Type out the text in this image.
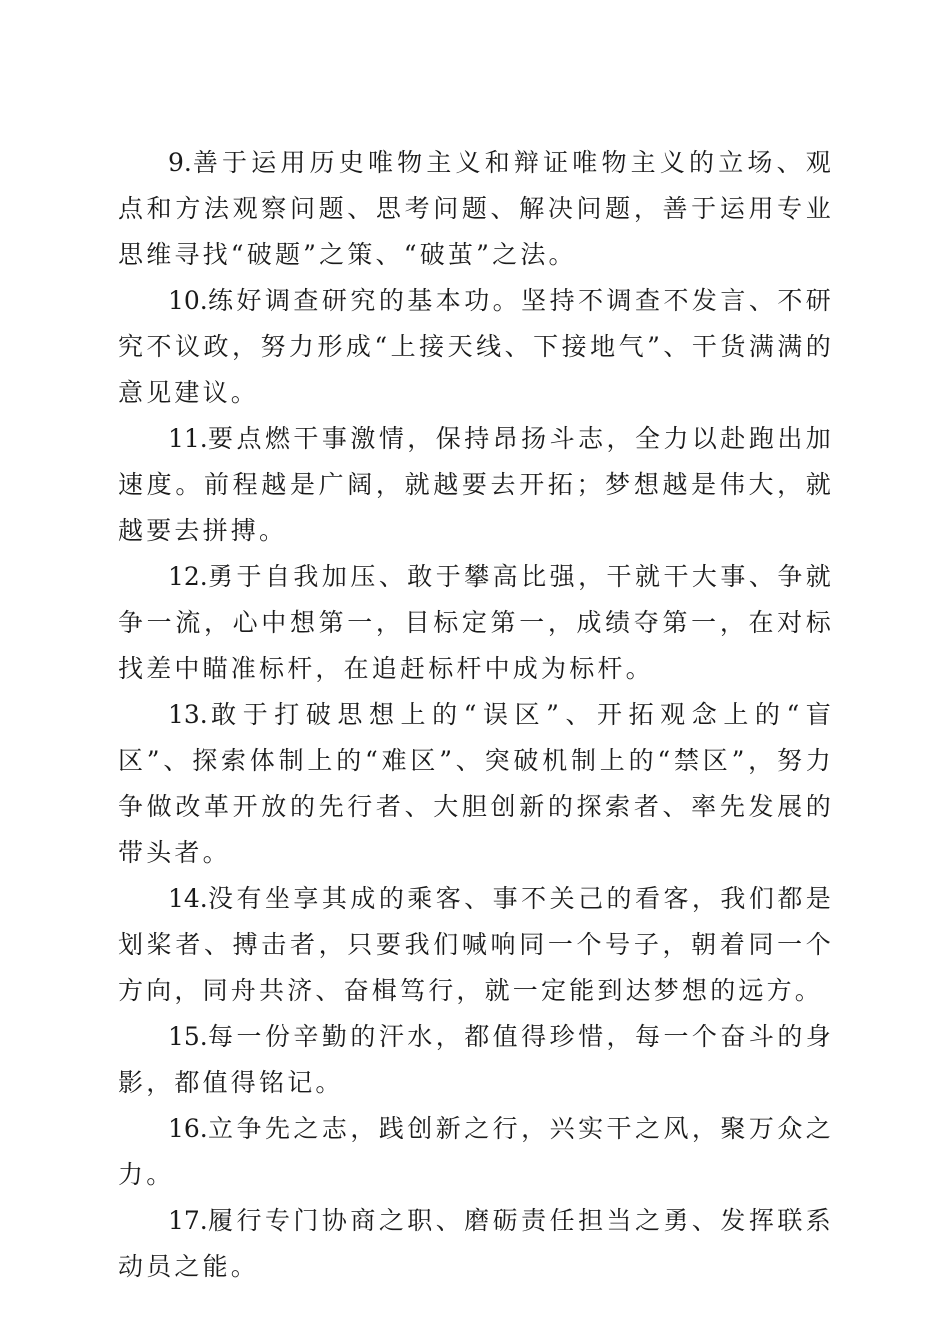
9.善于运用历史唯物主义和辩证唯物主义的立场、观点和方法观察问题、思考问题、解决问题，善于运用专业思维寻找“破题”之策、“破茧”之法。

10.练好调查研究的基本功。坚持不调查不发言、不研究不议政，努力形成“上接天线、下接地气”、干货满满的意见建议。

11.要点燃干事激情，保持昂扬斗志，全力以赴跑出加速度。前程越是广阔，就越要去开拓；梦想越是伟大，就越要去拼搏。

12.勇于自我加压、敢于攀高比强，干就干大事、争就争一流，心中想第一，目标定第一，成绩夺第一，在对标找差中瞄准标杆，在追赶标杆中成为标杆。

13.敢于打破思想上的“误区”、开拓观念上的“盲区”、探索体制上的“难区”、突破机制上的“禁区”，努力争做改革开放的先行者、大胆创新的探索者、率先发展的带头者。

14.没有坐享其成的乘客、事不关己的看客，我们都是划桨者、搏击者，只要我们喊响同一个号子，朝着同一个方向，同舟共济、奋楫笃行，就一定能到达梦想的远方。

15.每一份辛勤的汗水，都值得珍惜，每一个奋斗的身影，都值得铭记。

16.立争先之志，践创新之行，兴实干之风，聚万众之力。

17.履行专门协商之职、磨砺责任担当之勇、发挥联系动员之能。
